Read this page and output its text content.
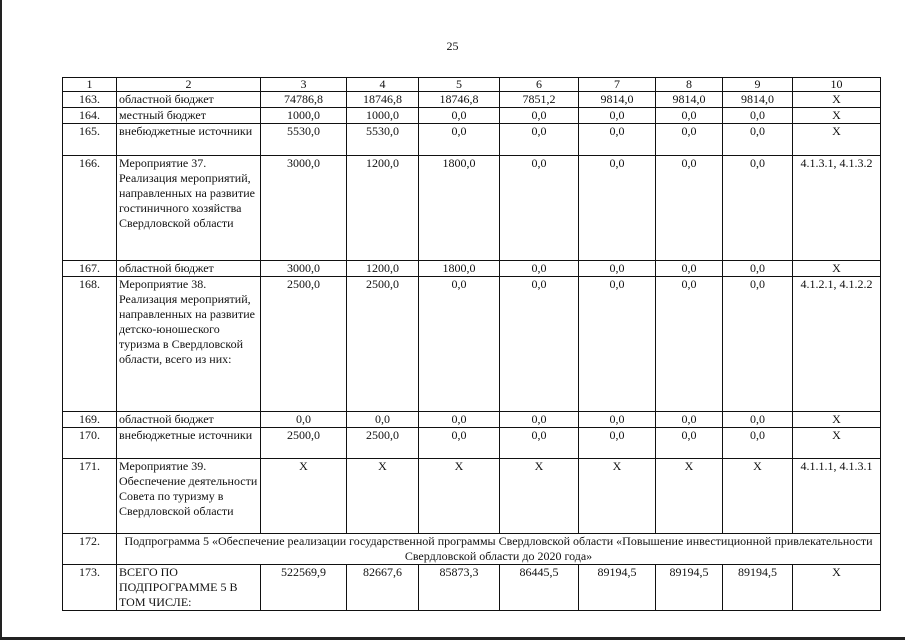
25
1	2	3	4	5	6	7	8	9	10
163.	областной бюджет	74786,8	18746,8	18746,8	7851,2	9814,0	9814,0	9814,0	Х
164.	местный бюджет	1000,0	1000,0	0,0	0,0	0,0	0,0	0,0	Х
165.	внебюджетные источники	5530,0	5530,0	0,0	0,0	0,0	0,0	0,0	Х
166.	Мероприятие 37. Реализация мероприятий, направленных на развитие гостиничного хозяйства Свердловской области	3000,0	1200,0	1800,0	0,0	0,0	0,0	0,0	4.1.3.1, 4.1.3.2
167.	областной бюджет	3000,0	1200,0	1800,0	0,0	0,0	0,0	0,0	Х
168.	Мероприятие 38. Реализация мероприятий, направленных на развитие детско-юношеского туризма в Свердловской области, всего из них:	2500,0	2500,0	0,0	0,0	0,0	0,0	0,0	4.1.2.1, 4.1.2.2
169.	областной бюджет	0,0	0,0	0,0	0,0	0,0	0,0	0,0	Х
170.	внебюджетные источники	2500,0	2500,0	0,0	0,0	0,0	0,0	0,0	Х
171.	Мероприятие 39. Обеспечение деятельности Совета по туризму в Свердловской области	Х	Х	Х	Х	Х	Х	Х	4.1.1.1, 4.1.3.1
172.	Подпрограмма 5 «Обеспечение реализации государственной программы Свердловской области «Повышение инвестиционной привлекательности Свердловской области до 2020 года»								
173.	ВСЕГО ПО ПОДПРОГРАММЕ 5 В ТОМ ЧИСЛЕ:	522569,9	82667,6	85873,3	86445,5	89194,5	89194,5	89194,5	Х
